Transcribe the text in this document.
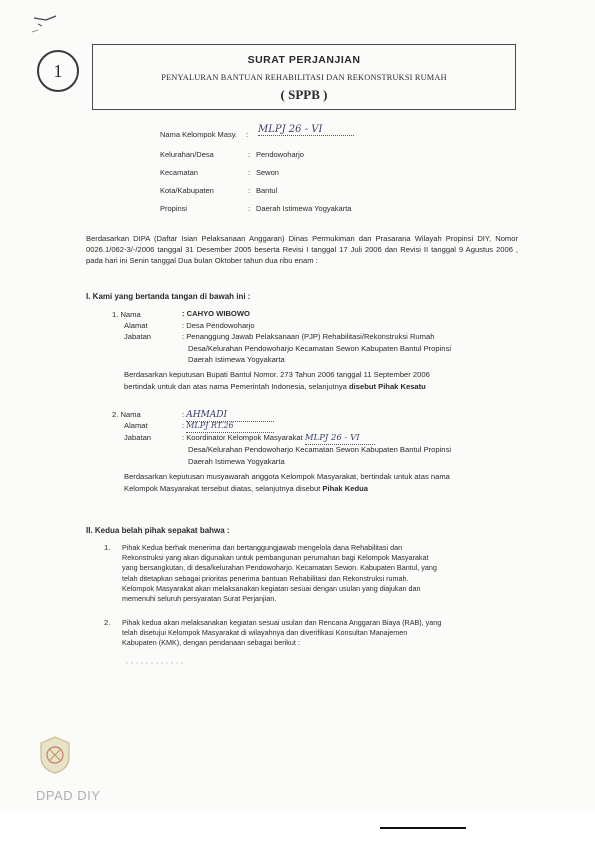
1
SURAT PERJANJIAN
PENYALURAN BANTUAN REHABILITASI DAN REKONSTRUKSI RUMAH
( SPPB )
Nama Kelompok Masy. : MLPJ 26 - VI
Kelurahan/Desa	: Pendowoharjo
Kecamatan	: Sewon
Kota/Kabupaten	: Bantul
Propinsi	: Daerah Istimewa Yogyakarta
Berdasarkan DIPA (Daftar Isian Pelaksanaan Anggaran) Dinas Permukiman dan Prasarana Wilayah Propinsi DIY, Nomor 0026.1/062-3/-/2006 tanggal 31 Desember 2005 beserta Revisi I tanggal 17 Juli 2006 dan Revisi II tanggal 9 Agustus 2006 , pada hari ini Senin tanggal Dua bulan Oktober tahun dua ribu enam :
I. Kami yang bertanda tangan di bawah ini :
1. Nama	: CAHYO WIBOWO
Alamat	: Desa Pendowoharjo
Jabatan	: Penanggung Jawab Pelaksanaan (PJP) Rehabilitasi/Rekonstruksi Rumah
Desa/Kelurahan Pendowoharjo Kecamatan Sewon Kabupaten Bantul Propinsi
Daerah Istimewa Yogyakarta
Berdasarkan keputusan Bupati Bantul Nomor. 273 Tahun 2006 tanggal 11 September 2006
bertindak untuk dan atas nama Pemerintah Indonesia, selanjutnya disebut Pihak Kesatu
2. Nama	: AHMADI
Alamat	: MLPJ RT.26
Jabatan	: Koordinator Kelompok Masyarakat MLPJ 26 - VI
Desa/Kelurahan Pendowoharjo Kecamatan Sewon Kabupaten Bantul Propinsi
Daerah Istimewa Yogyakarta
Berdasarkan keputusan musyawarah anggota Kelompok Masyarakat, bertindak untuk atas nama
Kelompok Masyarakat tersebut diatas, selanjutnya disebut Pihak Kedua
II. Kedua belah pihak sepakat bahwa :
1. Pihak Kedua berhak menerima dan bertanggungjawab mengelola dana Rehabilitasi dan
Rekonstruksi yang akan digunakan untuk pembangunan perumahan bagi Kelompok Masyarakat
yang bersangkutan, di desa/kelurahan Pendowoharjo. Kecamatan Sewon. Kabupaten Bantul, yang
telah ditetapkan sebagai prioritas penerima bantuan Rehabilitasi dan Rekonstruksi rumah.
Kelompok Masyarakat akan melaksanakan kegiatan sesuai dengan usulan yang diajukan dan
memenuhi seluruh persyaratan Surat Perjanjian.
2. Pihak kedua akan melaksanakan kegiatan sesuai usulan dan Rencana Anggaran Biaya (RAB), yang
telah disetujui Kelompok Masyarakat di wilayahnya dan diverifikasi Konsultan Manajemen
Kabupaten (KMK), dengan pendanaan sebagai berikut :
DPAD DIY
